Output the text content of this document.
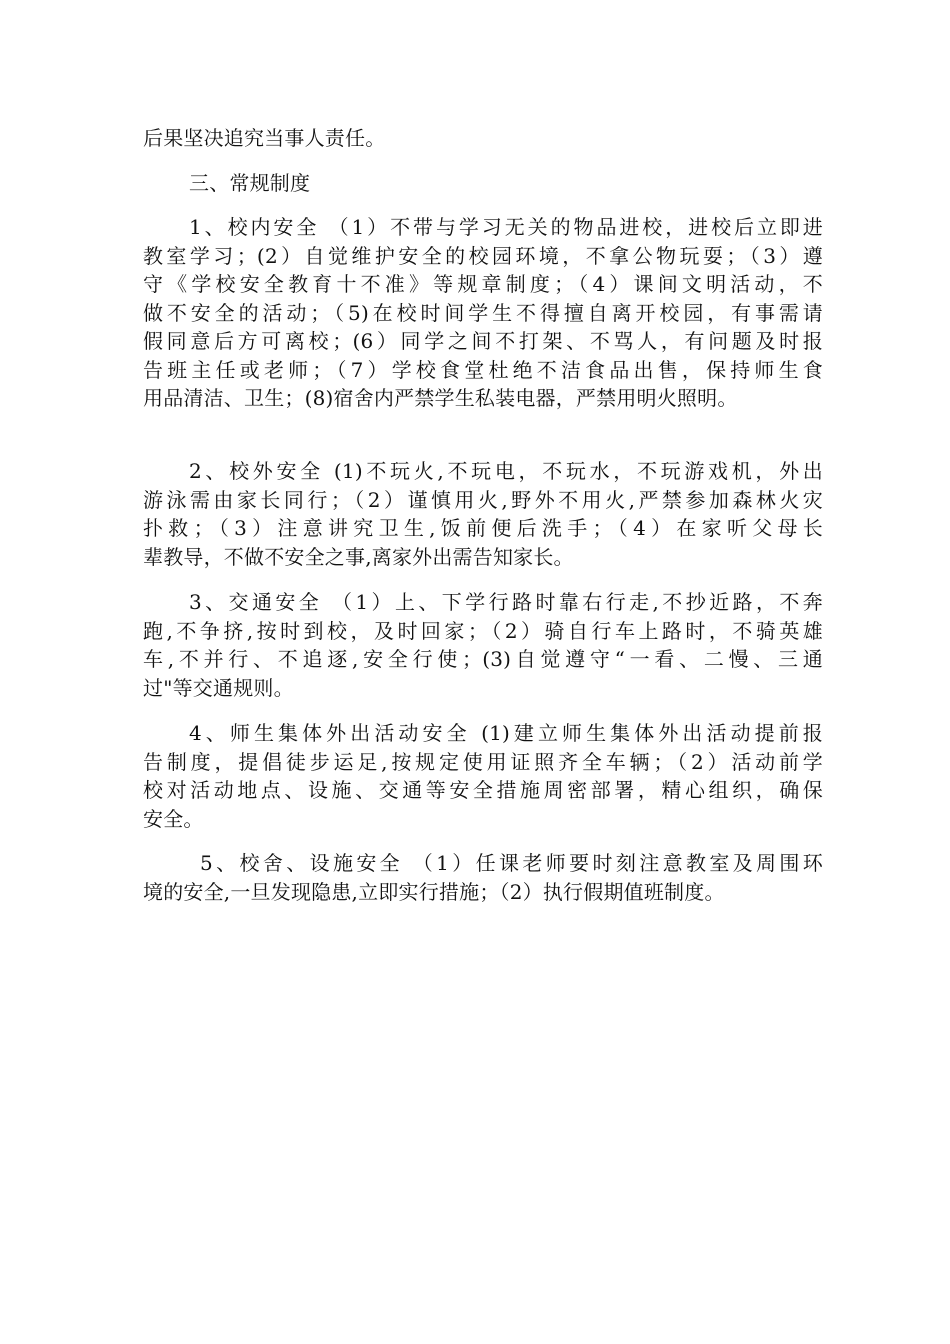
后果坚决追究当事人责任。
三、常规制度
1、校内安全 （1）不带与学习无关的物品进校，进校后立即进
教室学习；(2）自觉维护安全的校园环境，不拿公物玩耍；（3）遵
守《学校安全教育十不准》等规章制度；（4）课间文明活动，不
做不安全的活动；（5)在校时间学生不得擅自离开校园，有事需请
假同意后方可离校；(6）同学之间不打架、不骂人，有问题及时报
告班主任或老师；（7）学校食堂杜绝不洁食品出售，保持师生食
用品清洁、卫生；(8)宿舍内严禁学生私装电器，严禁用明火照明。
2、校外安全 (1)不玩火,不玩电，不玩水，不玩游戏机，外出
游泳需由家长同行；（2）谨慎用火,野外不用火,严禁参加森林火灾
扑救；（3）注意讲究卫生,饭前便后洗手；（4）在家听父母长
辈教导，不做不安全之事,离家外出需告知家长。
3、交通安全 （1）上、下学行路时靠右行走,不抄近路，不奔
跑,不争挤,按时到校，及时回家；（2）骑自行车上路时，不骑英雄
车,不并行、不追逐,安全行使；(3)自觉遵守“一看、二慢、三通
过"等交通规则。
4、师生集体外出活动安全 (1)建立师生集体外出活动提前报
告制度，提倡徒步运足,按规定使用证照齐全车辆；（2）活动前学
校对活动地点、设施、交通等安全措施周密部署，精心组织，确保
安全。
5、校舍、设施安全 （1）任课老师要时刻注意教室及周围环
境的安全,一旦发现隐患,立即实行措施；（2）执行假期值班制度。
